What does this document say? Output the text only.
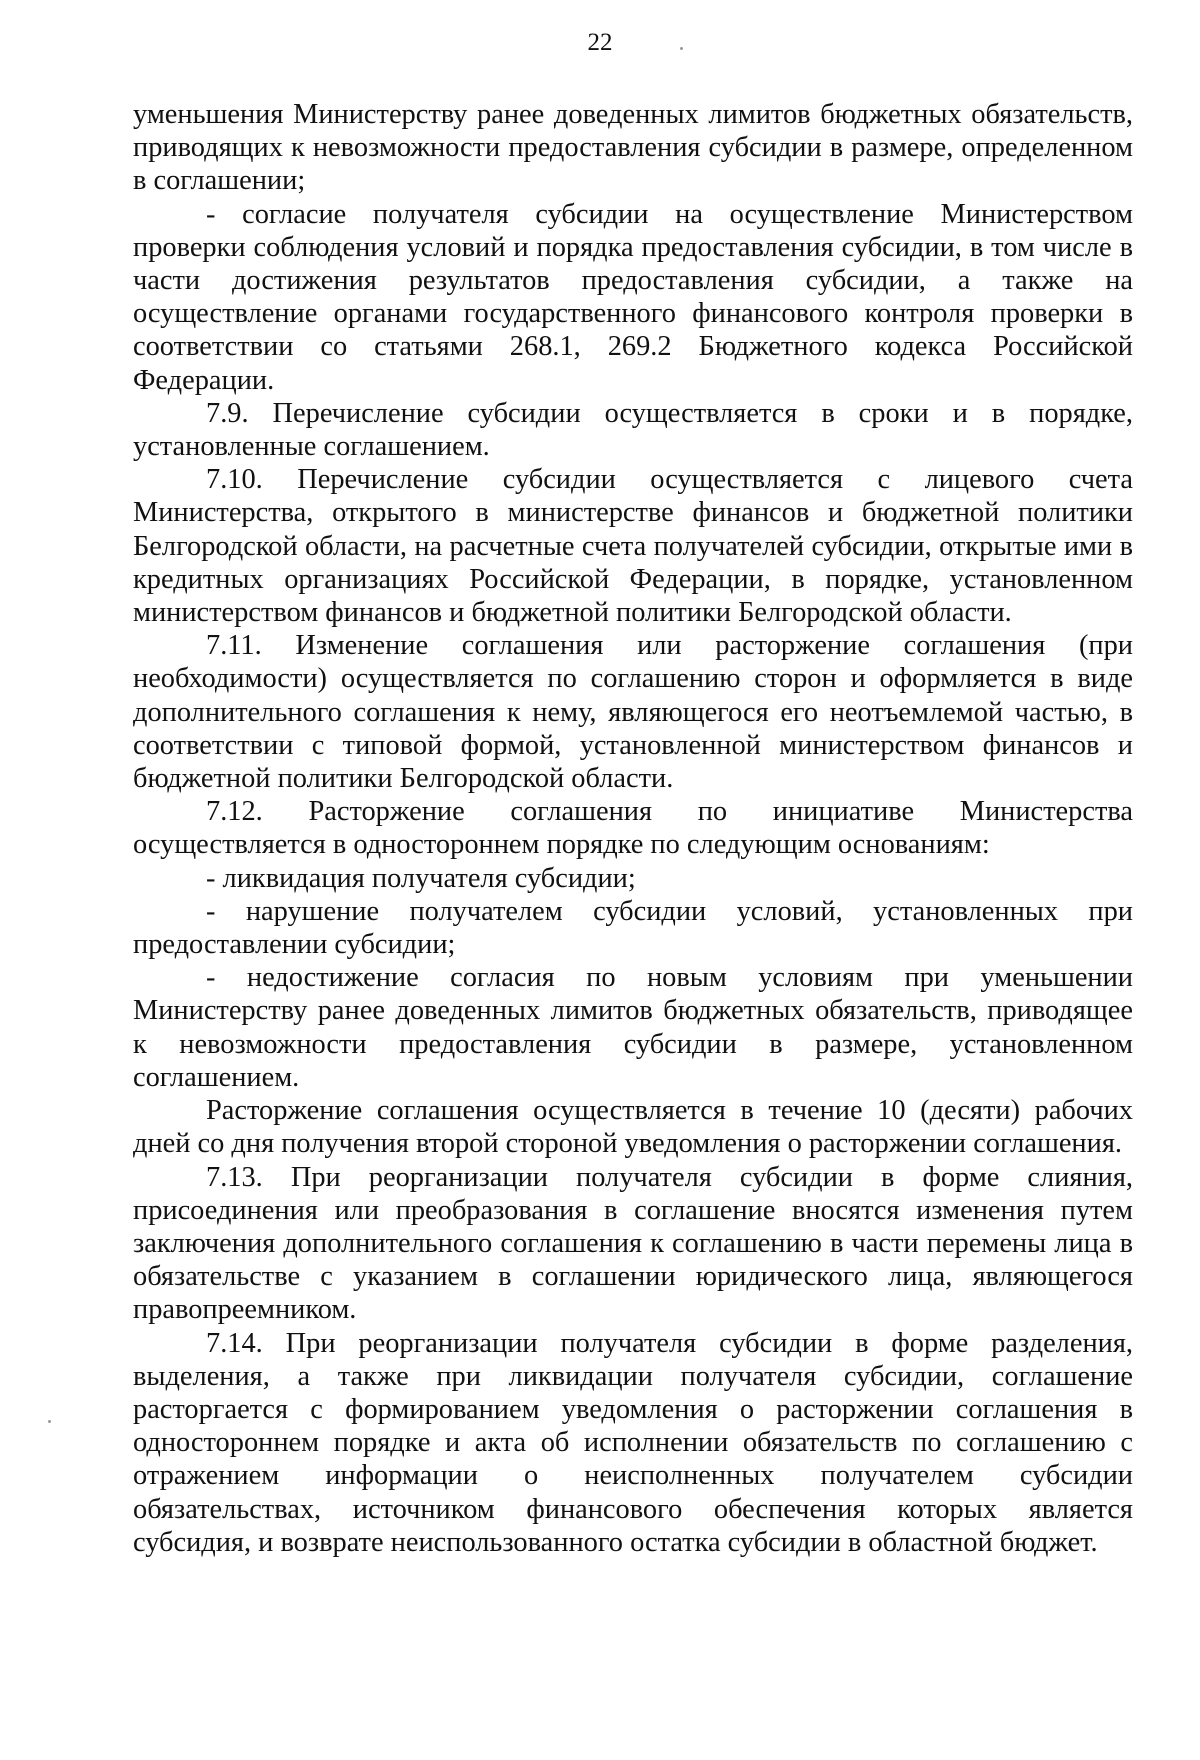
22

уменьшения Министерству ранее доведенных лимитов бюджетных обязательств, приводящих к невозможности предоставления субсидии в размере, определенном в соглашении;

- согласие получателя субсидии на осуществление Министерством проверки соблюдения условий и порядка предоставления субсидии, в том числе в части достижения результатов предоставления субсидии, а также на осуществление органами государственного финансового контроля проверки в соответствии со статьями 268.1, 269.2 Бюджетного кодекса Российской Федерации.

7.9. Перечисление субсидии осуществляется в сроки и в порядке, установленные соглашением.

7.10. Перечисление субсидии осуществляется с лицевого счета Министерства, открытого в министерстве финансов и бюджетной политики Белгородской области, на расчетные счета получателей субсидии, открытые ими в кредитных организациях Российской Федерации, в порядке, установленном министерством финансов и бюджетной политики Белгородской области.

7.11. Изменение соглашения или расторжение соглашения (при необходимости) осуществляется по соглашению сторон и оформляется в виде дополнительного соглашения к нему, являющегося его неотъемлемой частью, в соответствии с типовой формой, установленной министерством финансов и бюджетной политики Белгородской области.

7.12. Расторжение соглашения по инициативе Министерства осуществляется в одностороннем порядке по следующим основаниям:

- ликвидация получателя субсидии;

- нарушение получателем субсидии условий, установленных при предоставлении субсидии;

- недостижение согласия по новым условиям при уменьшении Министерству ранее доведенных лимитов бюджетных обязательств, приводящее к невозможности предоставления субсидии в размере, установленном соглашением.

Расторжение соглашения осуществляется в течение 10 (десяти) рабочих дней со дня получения второй стороной уведомления о расторжении соглашения.

7.13. При реорганизации получателя субсидии в форме слияния, присоединения или преобразования в соглашение вносятся изменения путем заключения дополнительного соглашения к соглашению в части перемены лица в обязательстве с указанием в соглашении юридического лица, являющегося правопреемником.

7.14. При реорганизации получателя субсидии в форме разделения, выделения, а также при ликвидации получателя субсидии, соглашение расторгается с формированием уведомления о расторжении соглашения в одностороннем порядке и акта об исполнении обязательств по соглашению с отражением информации о неисполненных получателем субсидии обязательствах, источником финансового обеспечения которых является субсидия, и возврате неиспользованного остатка субсидии в областной бюджет.
